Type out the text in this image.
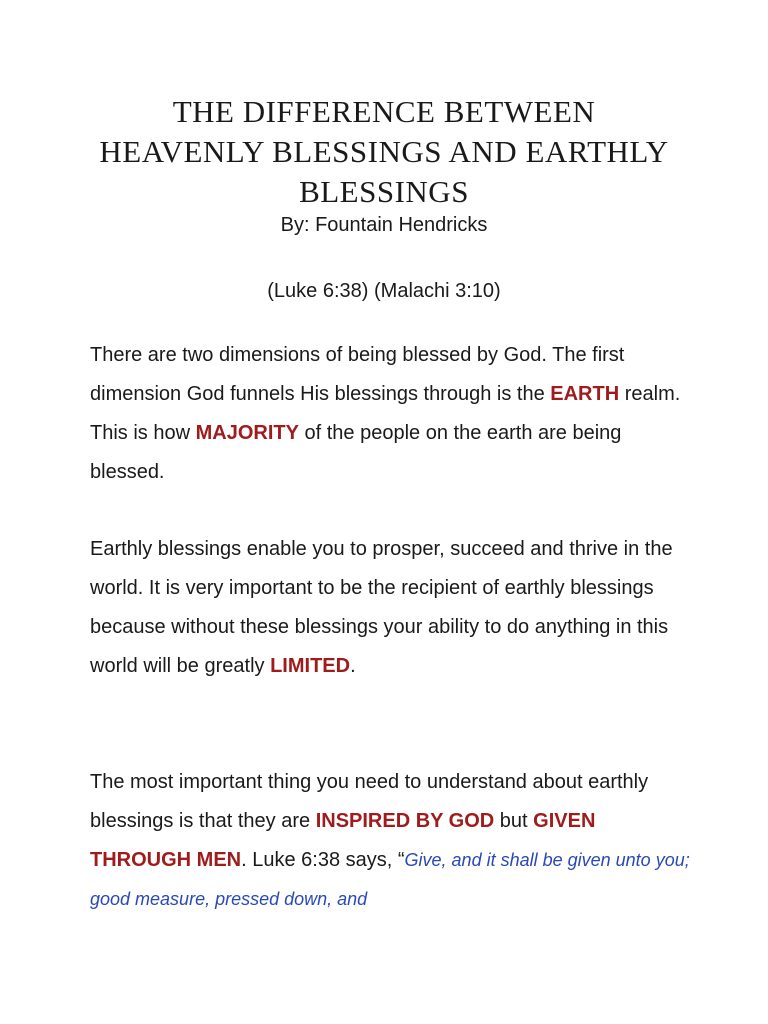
THE DIFFERENCE BETWEEN
HEAVENLY BLESSINGS AND EARTHLY
BLESSINGS
By: Fountain Hendricks
(Luke 6:38) (Malachi 3:10)

There are two dimensions of being blessed by God. The first dimension God funnels His blessings through is the EARTH realm. This is how MAJORITY of the people on the earth are being blessed.

Earthly blessings enable you to prosper, succeed and thrive in the world. It is very important to be the recipient of earthly blessings because without these blessings your ability to do anything in this world will be greatly LIMITED.

The most important thing you need to understand about earthly blessings is that they are INSPIRED BY GOD but GIVEN THROUGH MEN. Luke 6:38 says, “Give, and it shall be given unto you; good measure, pressed down, and
